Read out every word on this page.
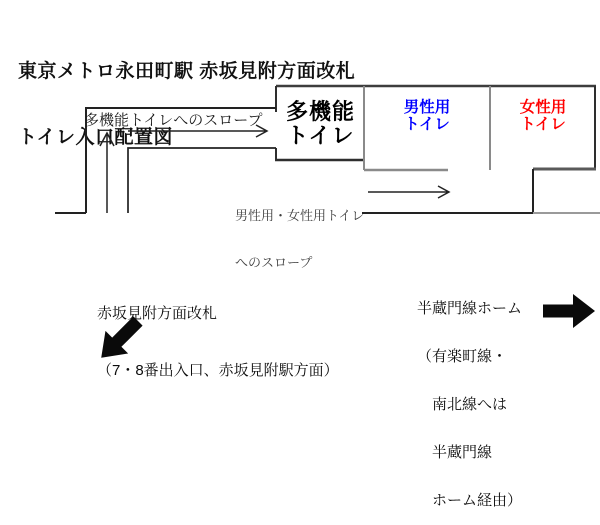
東京メトロ永田町駅 赤坂見附方面改札

トイレ入口配置図

多機能トイレへのスロープ 多機能
トイレ
男性用
トイレ
女性用
トイレ

男性用・女性用トイレ

へのスロープ

赤坂見附方面改札

（7・8番出入口、赤坂見附駅方面）

半蔵門線ホーム

（有楽町線・

　南北線へは

　半蔵門線

　ホーム経由）
